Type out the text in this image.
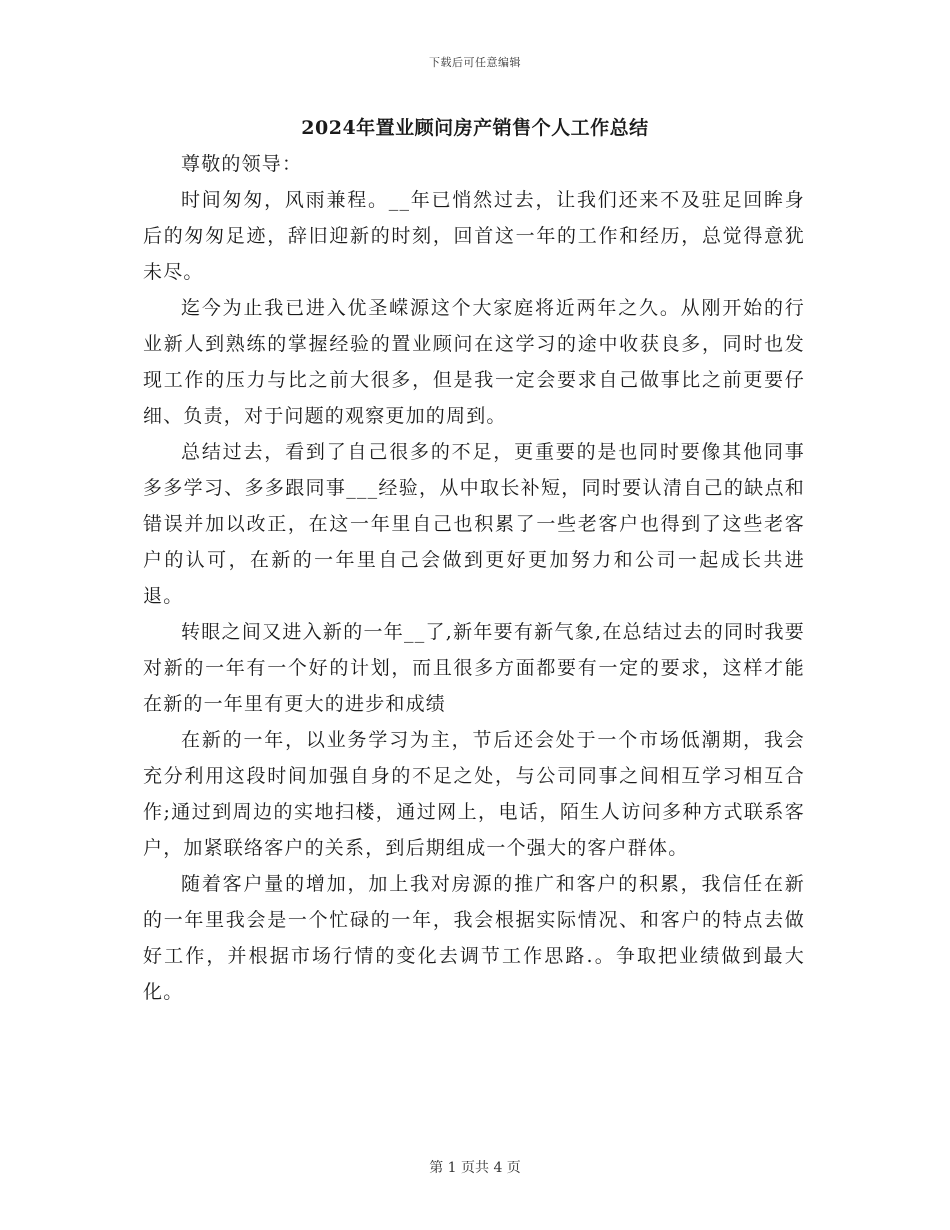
下载后可任意编辑
2024年置业顾问房产销售个人工作总结

尊敬的领导：

时间匆匆，风雨兼程。__年已悄然过去，让我们还来不及驻足回眸身后的匆匆足迹，辞旧迎新的时刻，回首这一年的工作和经历，总觉得意犹未尽。

迄今为止我已进入优圣嵘源这个大家庭将近两年之久。从刚开始的行业新人到熟练的掌握经验的置业顾问在这学习的途中收获良多，同时也发现工作的压力与比之前大很多，但是我一定会要求自己做事比之前更要仔细、负责，对于问题的观察更加的周到。

总结过去，看到了自己很多的不足，更重要的是也同时要像其他同事多多学习、多多跟同事___经验，从中取长补短，同时要认清自己的缺点和错误并加以改正，在这一年里自己也积累了一些老客户也得到了这些老客户的认可，在新的一年里自己会做到更好更加努力和公司一起成长共进退。

转眼之间又进入新的一年__了,新年要有新气象,在总结过去的同时我要对新的一年有一个好的计划，而且很多方面都要有一定的要求，这样才能在新的一年里有更大的进步和成绩

在新的一年，以业务学习为主，节后还会处于一个市场低潮期，我会充分利用这段时间加强自身的不足之处，与公司同事之间相互学习相互合作;通过到周边的实地扫楼，通过网上，电话，陌生人访问多种方式联系客户，加紧联络客户的关系，到后期组成一个强大的客户群体。

随着客户量的增加，加上我对房源的推广和客户的积累，我信任在新的一年里我会是一个忙碌的一年，我会根据实际情况、和客户的特点去做好工作，并根据市场行情的变化去调节工作思路.。争取把业绩做到最大化。

第 1 页共 4 页
